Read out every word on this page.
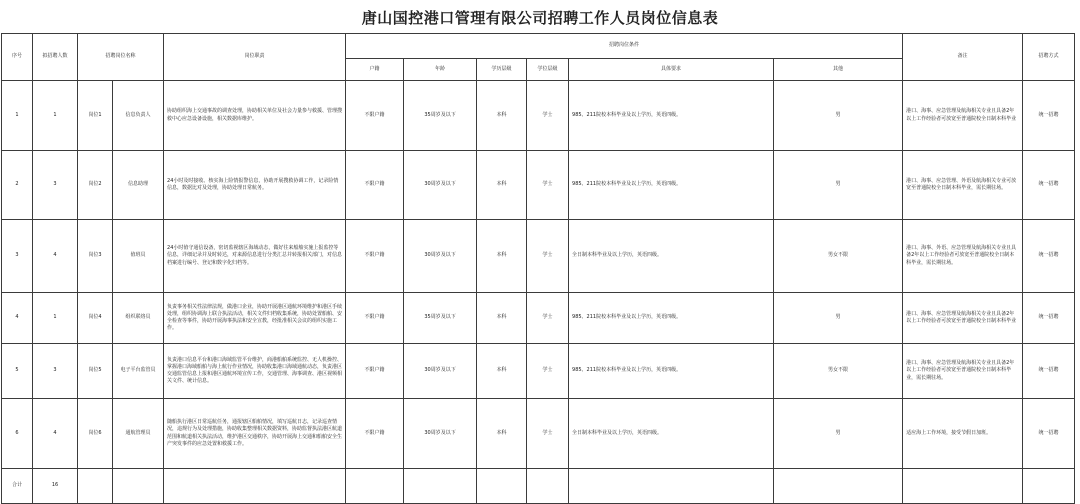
唐山国控港口管理有限公司招聘工作人员岗位信息表
序号	拟招聘人数	招聘岗位名称		岗位职责	招聘岗位条件						备注	招聘方式
					户籍	年龄	学历层级	学位层级	具体要求	其他		
1	1	岗位1	信息负责人	协助组织海上交通事故的调查处理，协助相关单位及社会力量参与救援、管理搜救中心应急设备设施，相关数据库维护。	不限户籍	35周岁及以下	本科	学士	985、211院校本科毕业及以上学历，英语四级。	男	港口、海事、应急管理及航海相关专业且具备2年以上工作经验者可放宽至普通院校全日制本科毕业	统一招聘
2	3	岗位2	信息助理	24小时及时接收、核实海上险情报警信息，协助开展搜救协调工作，记录险情信息，数据比对及处理，协助处理日常航务。	不限户籍	30周岁及以下	本科	学士	985、211院校本科毕业及以上学历，英语四级。	男	港口、海事、应急管理、外语及航海相关专业可放宽至普通院校全日制本科毕业，需长期驻场。	统一招聘
3	4	岗位3	值班员	24小时值守通信设备，密切监视辖区海域动态，做好往来船舶实施上报监控等信息，详细记录并及时转达，对来源信息进行分类汇总并转报相关部门，对信息档案进行编号、登记和数字化归档等。	不限户籍	30周岁及以下	本科	学士	全日制本科毕业及以上学历，英语四级。	男女不限	港口、海事、外语、应急管理及航海相关专业且具备2年以上工作经验者可放宽至普通院校全日制本科毕业，需长期驻场。	统一招聘
4	1	岗位4	组织联络员	负责事务相关性法律法规，做港口企业，协助开展港区通航环境维护和港区手续处理，组织协调海上联合执法活动，相关文件归档收集系统，协助处置船舶、安全检查等事件，协助开展海事执法和安全宣教，经批准相关会议的组织实施工作。	不限户籍	35周岁及以下	本科	学士	985、211院校本科毕业及以上学历，英语四级。	男	港口、海事、应急管理及航海相关专业且具备2年以上工作经验者可放宽至普通院校全日制本科毕业	统一招聘
5	3	岗位5	电子平台监管员	负责港口信息平台和港口海域监管平台维护，商港船舶系统监控、无人机操控、掌握港口海域船舶与海上航行作业情况，协助收集港口海域通航动态，负责港区交通监管信息上报和港区通航环境宣传工作，交通管理、海事调查、港区视频相关文件、统计信息。	不限户籍	30周岁及以下	本科	学士	985、211院校本科毕业及以上学历，英语四级。	男女不限	港口、海事、应急管理及航海相关专业且具备2年以上工作经验者可放宽至普通院校全日制本科毕业，需长期驻场。	统一招聘
6	4	岗位6	通航管理员	随船执行港区日常巡航任务，通报辖区船舶情况，填写巡航日志，记录巡查情况，违规行为及处理措施，协助收集整理相关数据资料，协助监督执法港区航道范围和航道相关执法活动，维护港区交通秩序，协助开展海上交通和船舶安全生产突发事件的应急处置和救援工作。	不限户籍	30周岁及以下	本科	学士	全日制本科毕业及以上学历，英语四级。	男	适应海上工作环境，接受节假日加班。	统一招聘
合计	16											
